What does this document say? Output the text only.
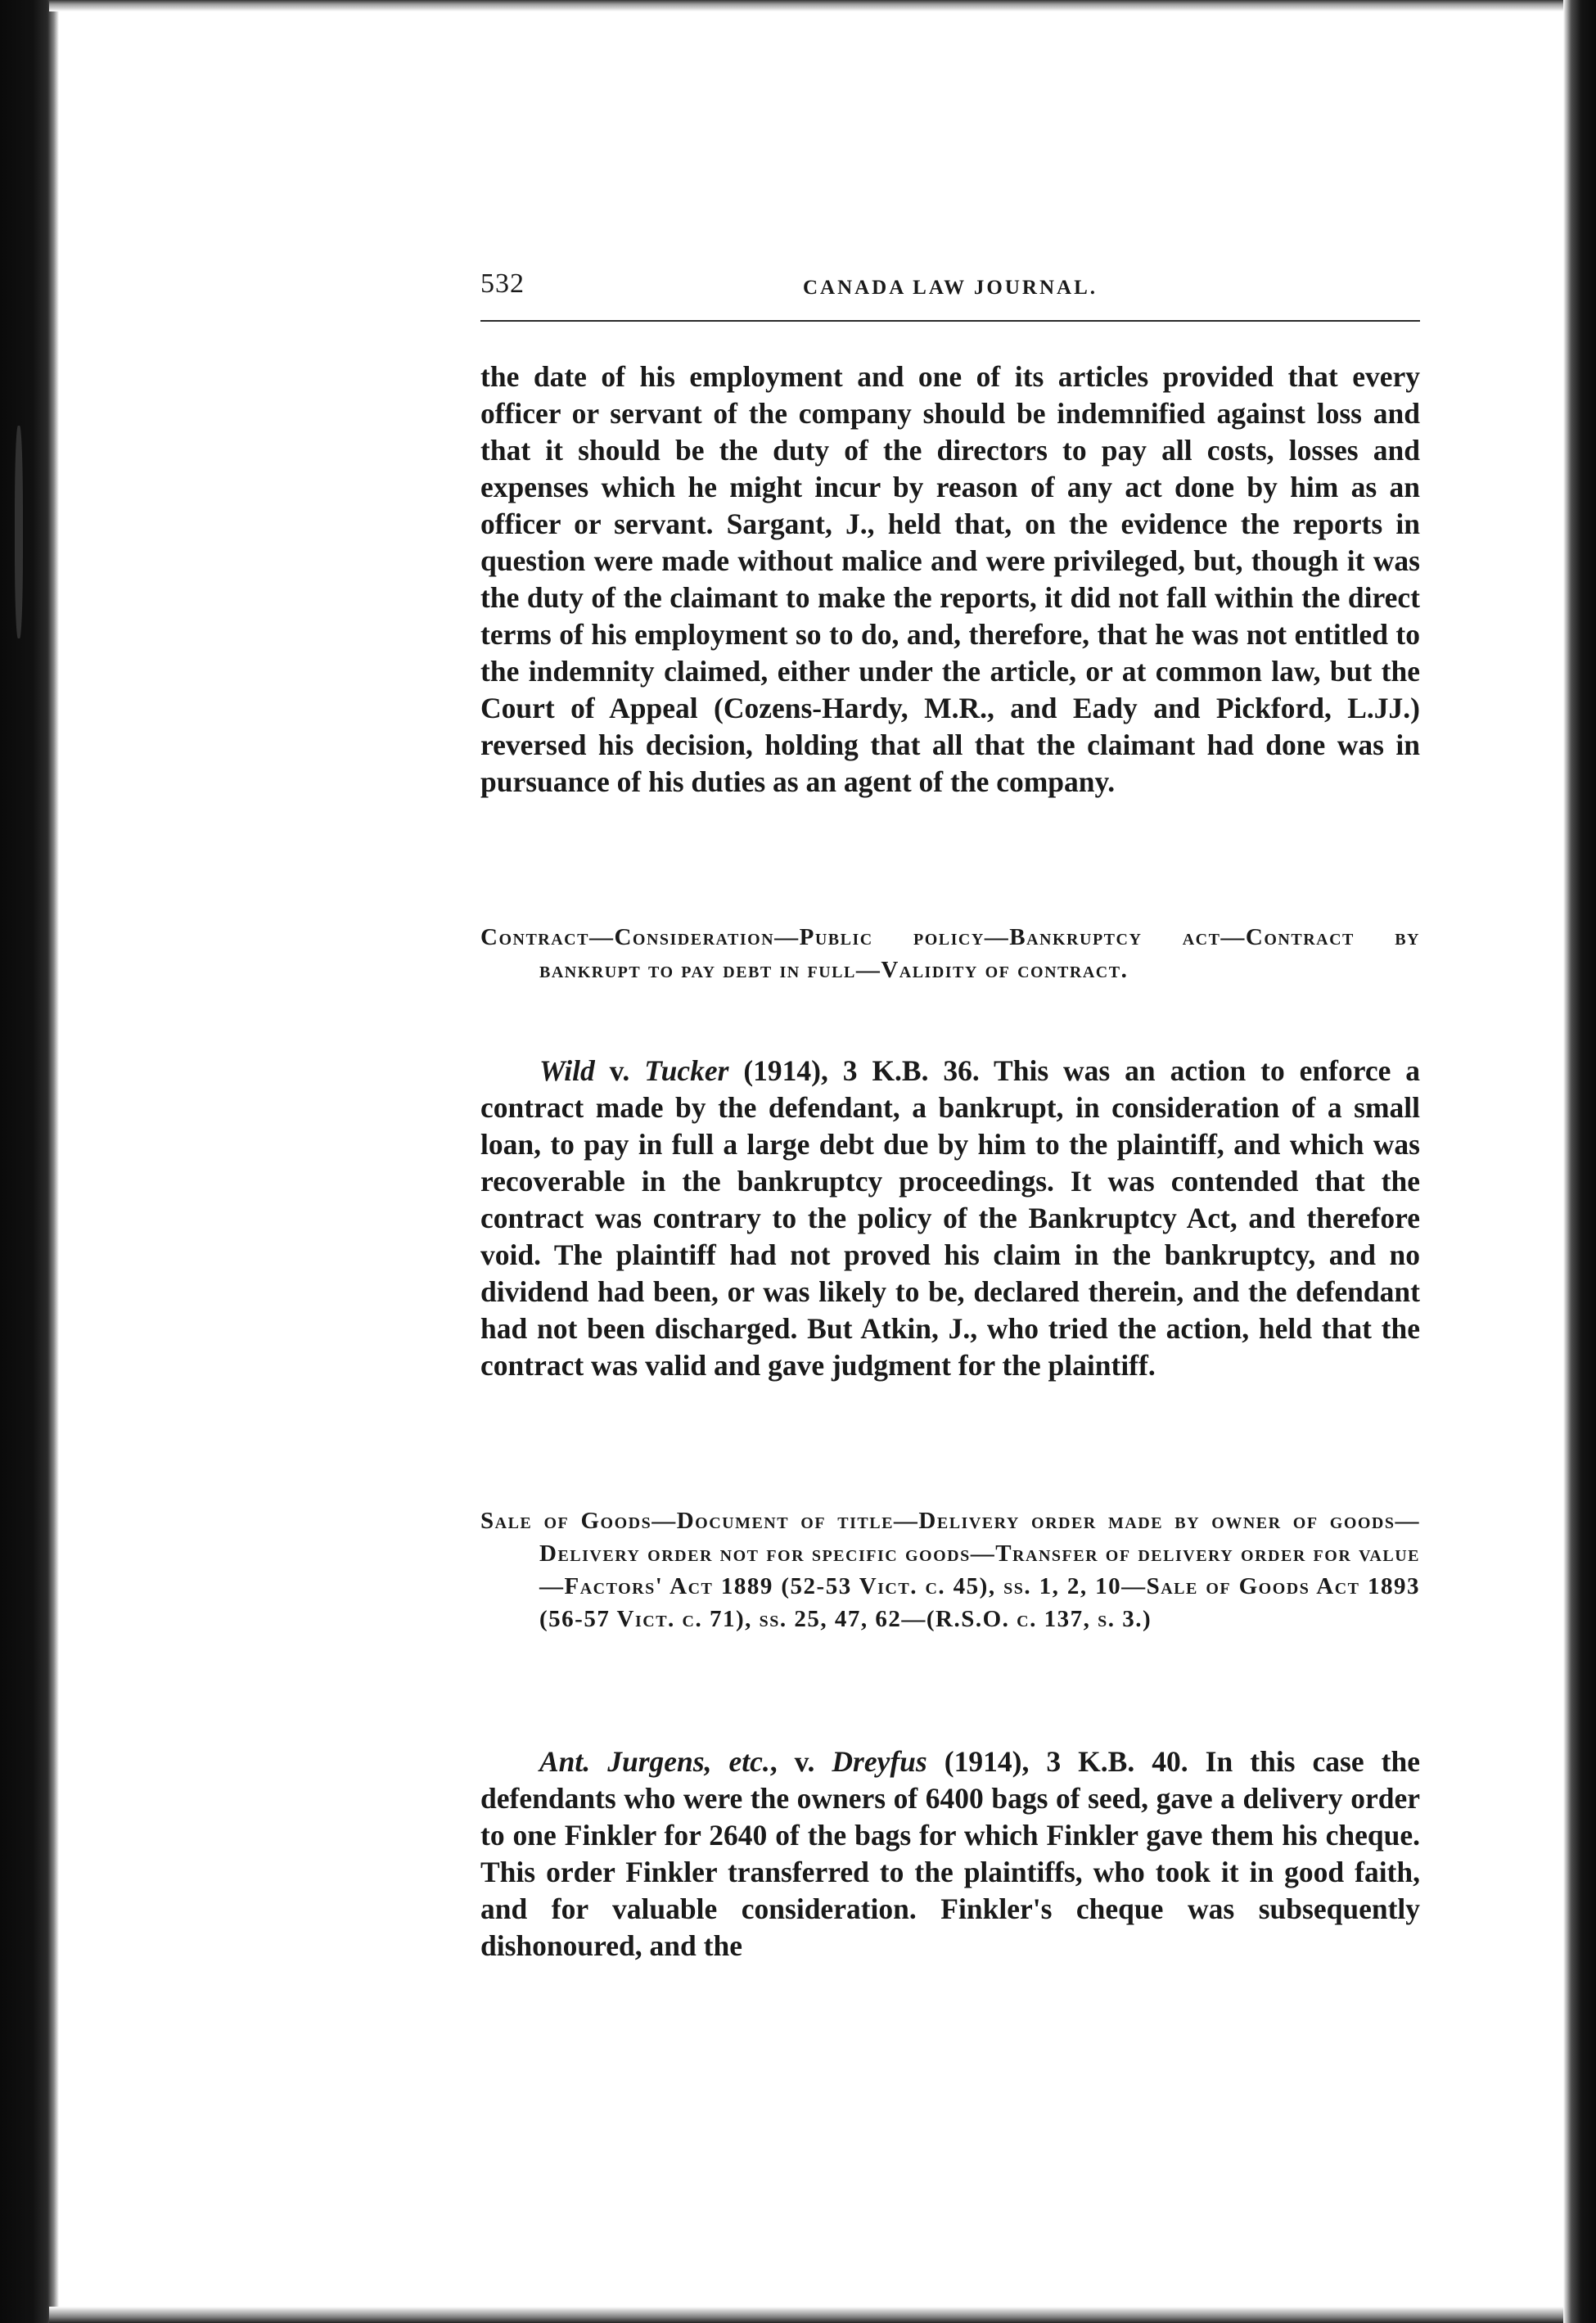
532	CANADA LAW JOURNAL.
the date of his employment and one of its articles provided that every officer or servant of the company should be indemnified against loss and that it should be the duty of the directors to pay all costs, losses and expenses which he might incur by reason of any act done by him as an officer or servant. Sargant, J., held that, on the evidence the reports in question were made without malice and were privileged, but, though it was the duty of the claimant to make the reports, it did not fall within the direct terms of his employment so to do, and, therefore, that he was not entitled to the indemnity claimed, either under the article, or at common law, but the Court of Appeal (Cozens-Hardy, M.R., and Eady and Pickford, L.JJ.) reversed his decision, holding that all that the claimant had done was in pursuance of his duties as an agent of the company.
Contract—Consideration—Public policy—Bankruptcy act—Contract by bankrupt to pay debt in full—Validity of contract.
Wild v. Tucker (1914), 3 K.B. 36. This was an action to enforce a contract made by the defendant, a bankrupt, in consideration of a small loan, to pay in full a large debt due by him to the plaintiff, and which was recoverable in the bankruptcy proceedings. It was contended that the contract was contrary to the policy of the Bankruptcy Act, and therefore void. The plaintiff had not proved his claim in the bankruptcy, and no dividend had been, or was likely to be, declared therein, and the defendant had not been discharged. But Atkin, J., who tried the action, held that the contract was valid and gave judgment for the plaintiff.
Sale of Goods—Document of title—Delivery order made by owner of goods—Delivery order not for specific goods—Transfer of delivery order for value—Factors' Act 1889 (52-53 Vict. c. 45), ss. 1, 2, 10—Sale of Goods Act 1893 (56-57 Vict. c. 71), ss. 25, 47, 62—(R.S.O. c. 137, s. 3.)
Ant. Jurgens, etc., v. Dreyfus (1914), 3 K.B. 40. In this case the defendants who were the owners of 6400 bags of seed, gave a delivery order to one Finkler for 2640 of the bags for which Finkler gave them his cheque. This order Finkler transferred to the plaintiffs, who took it in good faith, and for valuable consideration. Finkler's cheque was subsequently dishonoured, and the
